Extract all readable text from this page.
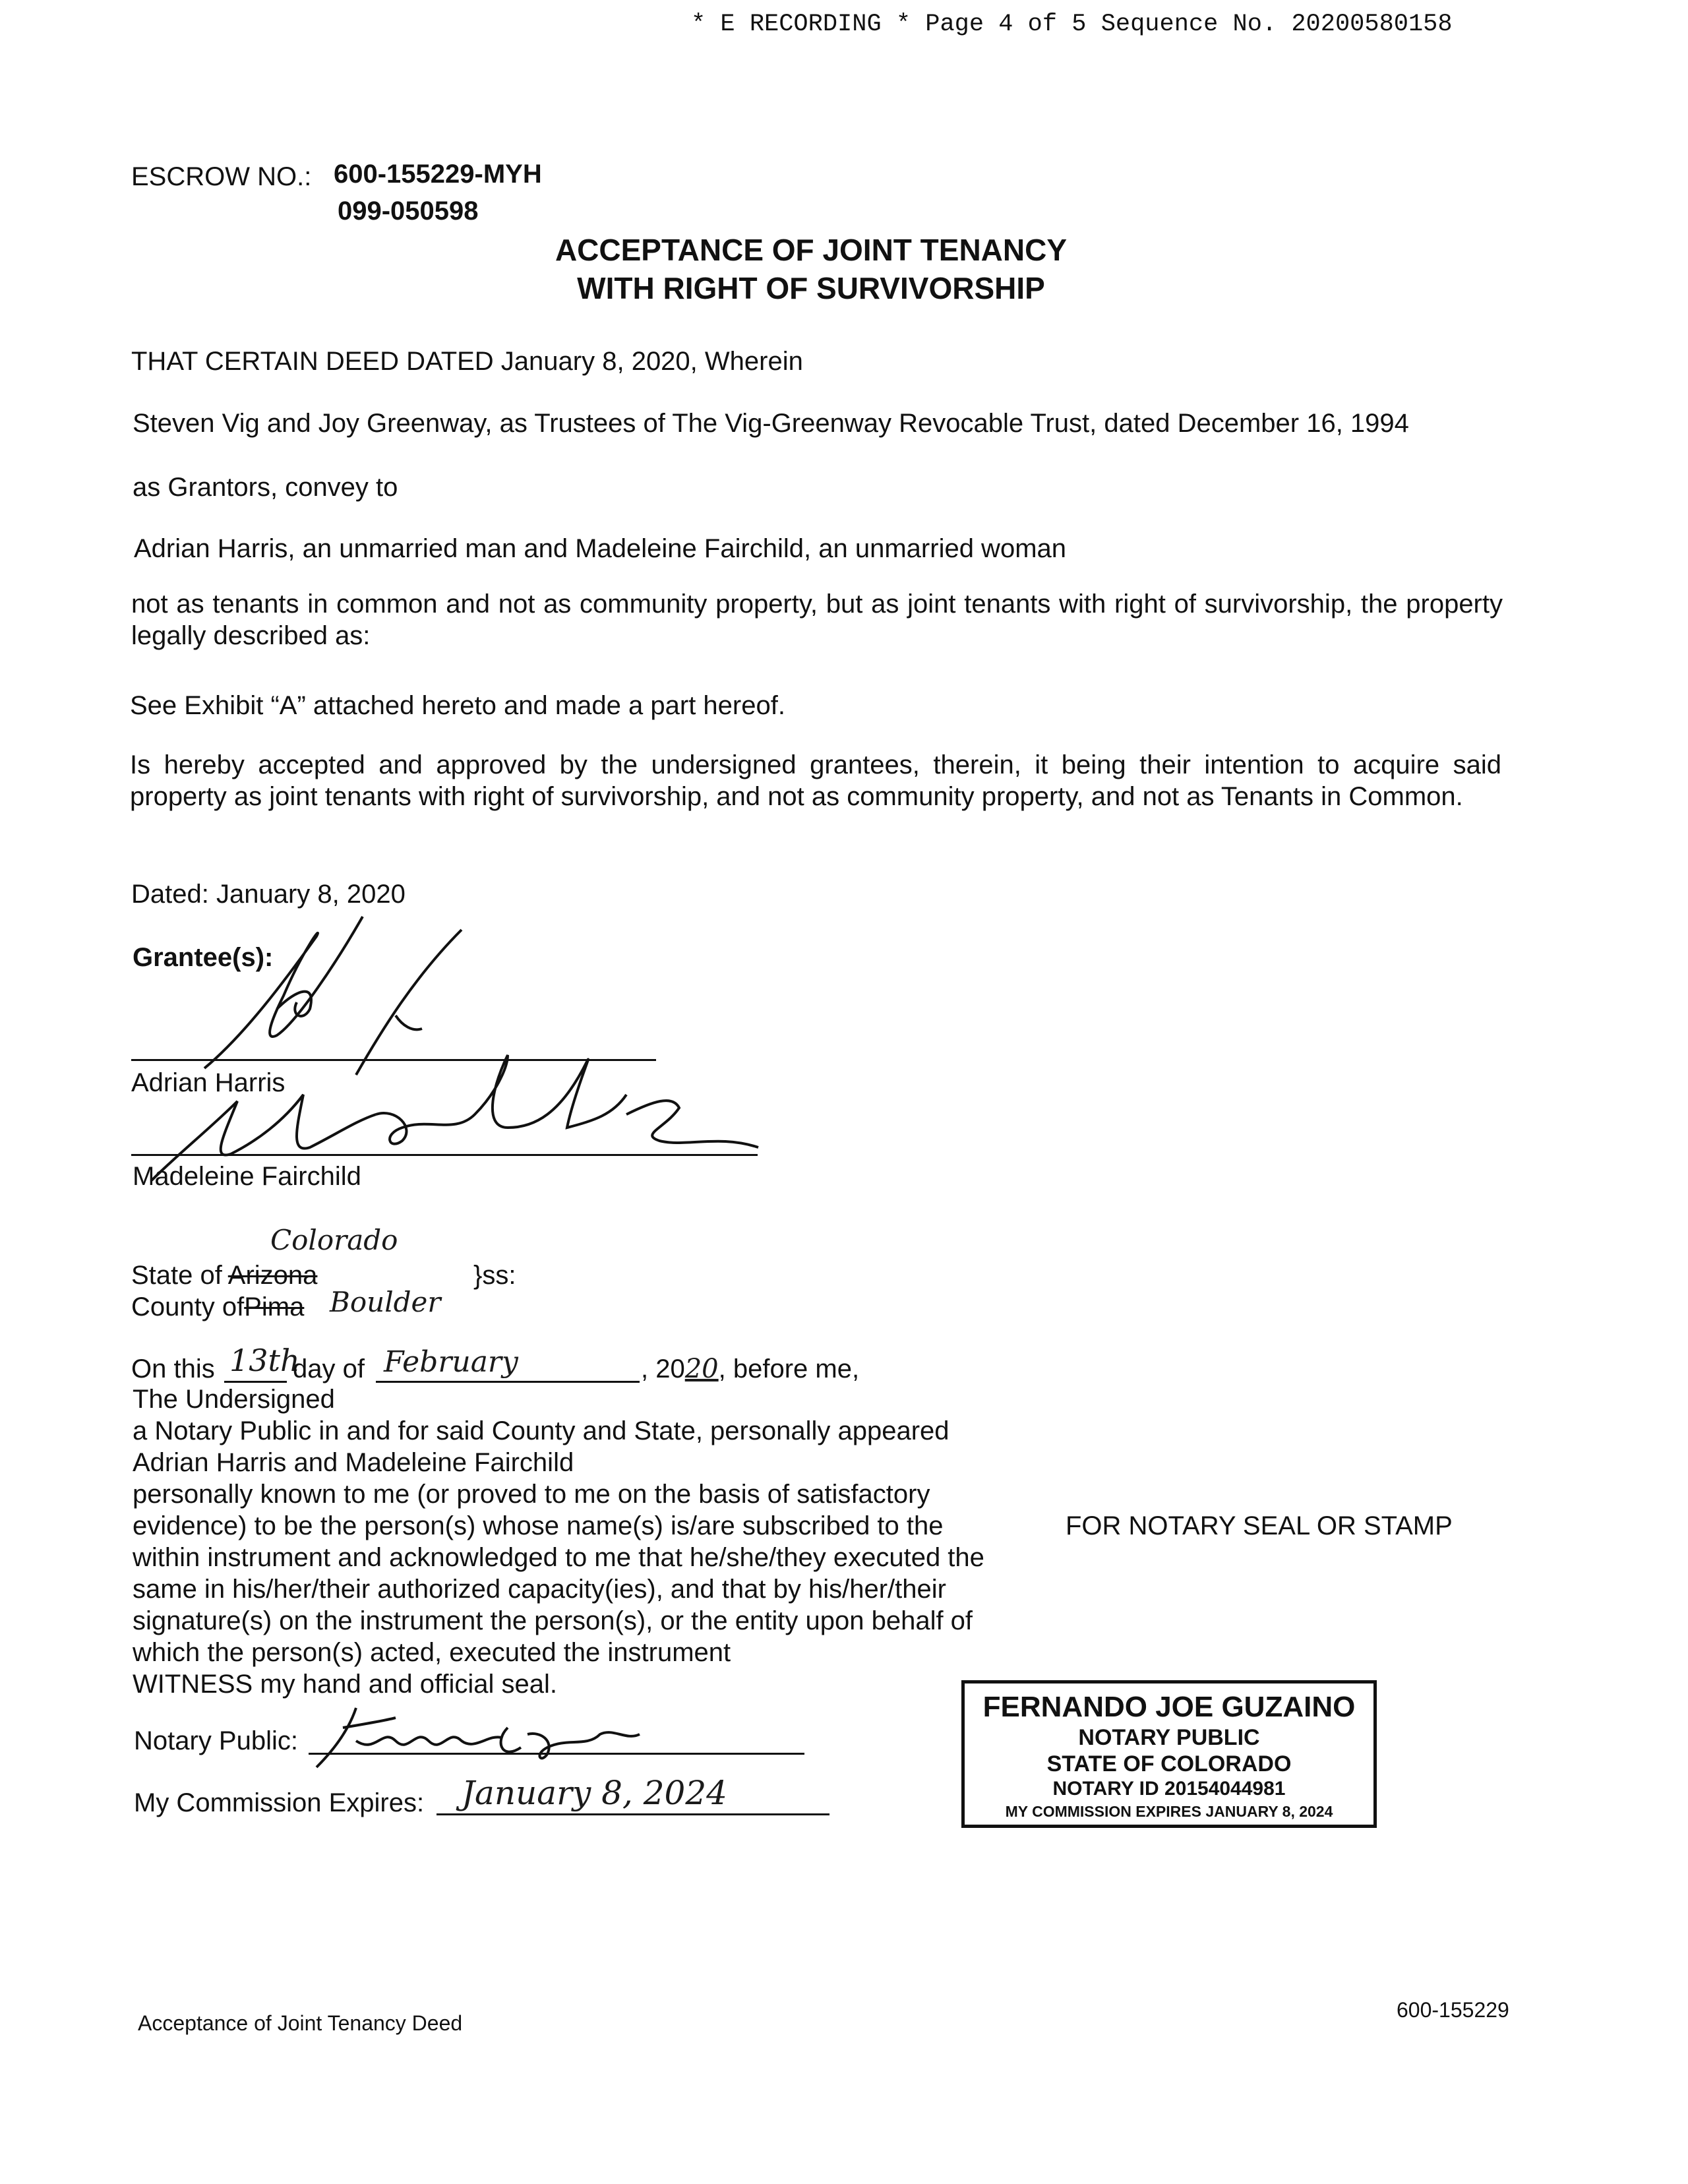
* E RECORDING * Page 4 of 5 Sequence No. 20200580158
ESCROW NO.: 600-155229-MYH
099-050598
ACCEPTANCE OF JOINT TENANCY
WITH RIGHT OF SURVIVORSHIP
THAT CERTAIN DEED DATED January 8, 2020, Wherein
Steven Vig and Joy Greenway, as Trustees of The Vig-Greenway Revocable Trust, dated December 16, 1994
as Grantors, convey to
Adrian Harris, an unmarried man and Madeleine Fairchild, an unmarried woman
not as tenants in common and not as community property, but as joint tenants with right of survivorship, the property legally described as:
See Exhibit “A” attached hereto and made a part hereof.
Is hereby accepted and approved by the undersigned grantees, therein, it being their intention to acquire said property as joint tenants with right of survivorship, and not as community property, and not as Tenants in Common.
Dated: January 8, 2020
Grantee(s):
Adrian Harris
Madeleine Fairchild
Colorado
State of Arizona	}ss:
County ofPima Boulder
On this 13th
day of February	, 2020, before me,
The Undersigned
a Notary Public in and for said County and State, personally appeared
Adrian Harris and Madeleine Fairchild
personally known to me (or proved to me on the basis of satisfactory
evidence) to be the person(s) whose name(s) is/are subscribed to the
within instrument and acknowledged to me that he/she/they executed the
same in his/her/their authorized capacity(ies), and that by his/her/their
signature(s) on the instrument the person(s), or the entity upon behalf of
which the person(s) acted, executed the instrument
WITNESS my hand and official seal.
Notary Public:
My Commission Expires: January 8, 2024
FOR NOTARY SEAL OR STAMP
FERNANDO JOE GUZAINO
NOTARY PUBLIC
STATE OF COLORADO
NOTARY ID 20154044981
MY COMMISSION EXPIRES JANUARY 8, 2024
Acceptance of Joint Tenancy Deed
600-155229
